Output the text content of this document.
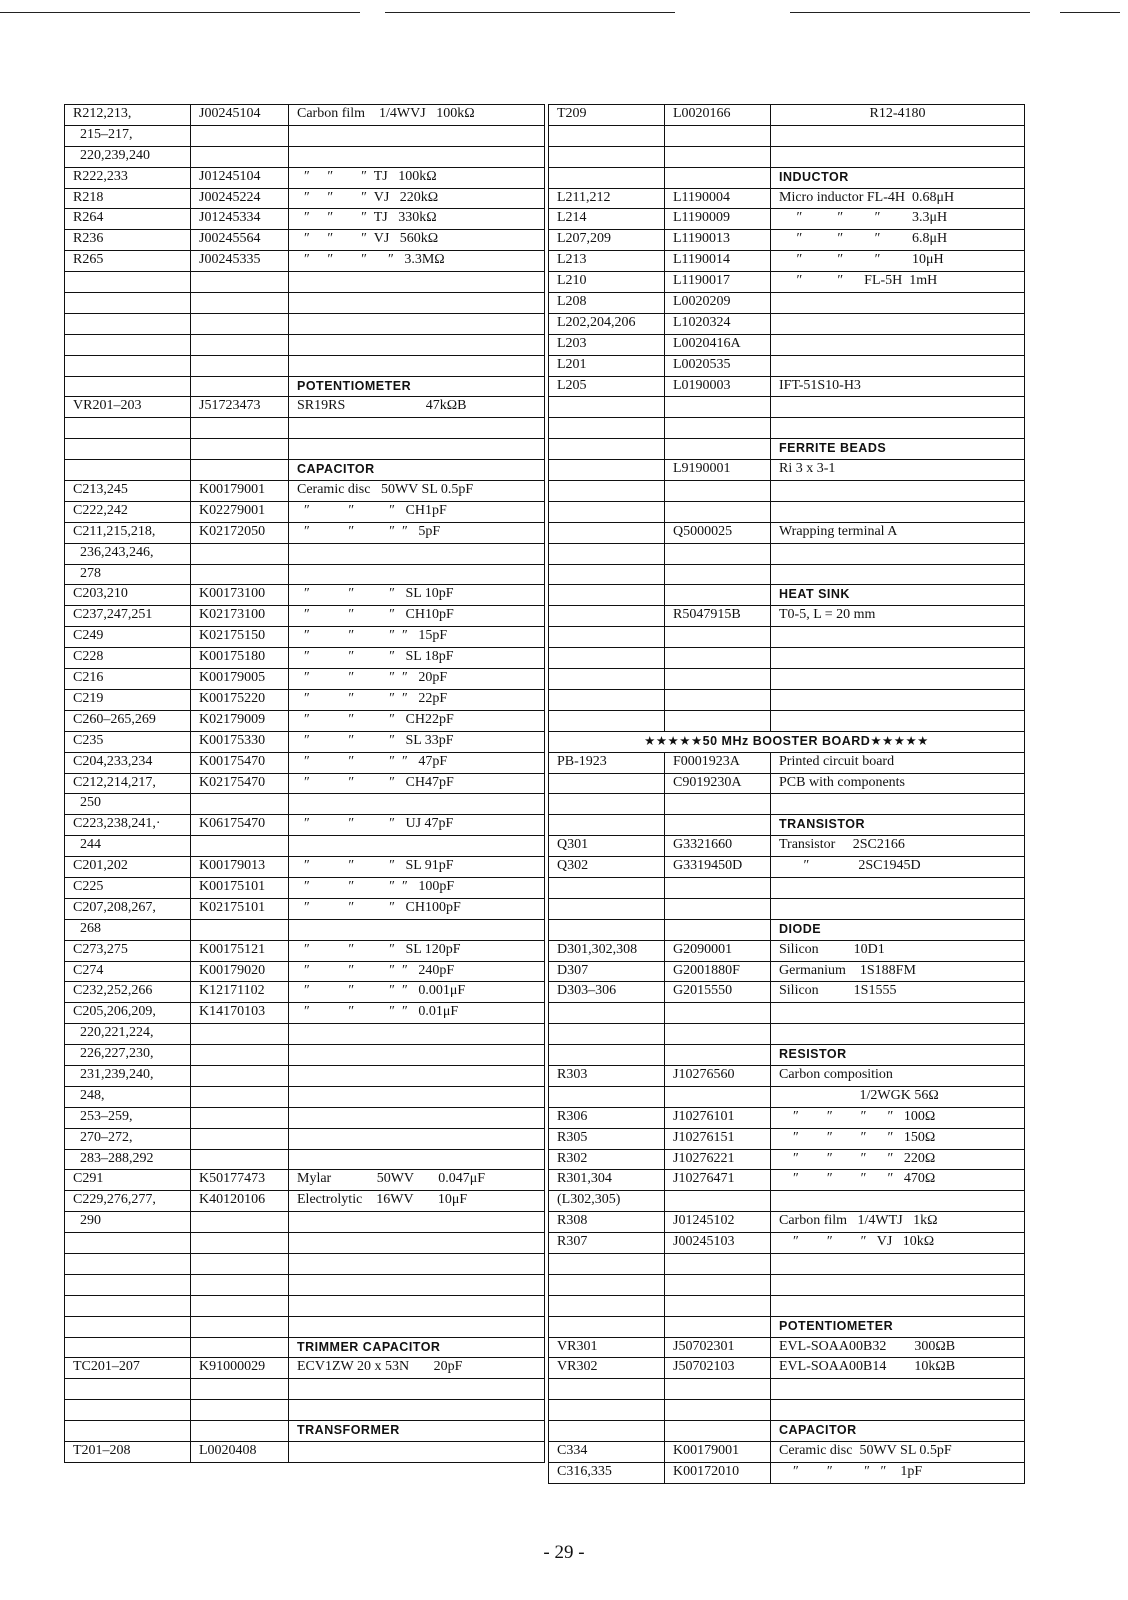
R212,213,	J00245104	Carbon film    1/4WVJ   100kΩ
215–217,		
220,239,240		
R222,233	J01245104	″     ″        ″  TJ   100kΩ
R218	J00245224	″     ″        ″  VJ   220kΩ
R264	J01245334	″     ″        ″  TJ   330kΩ
R236	J00245564	″     ″        ″  VJ   560kΩ
R265	J00245335	″     ″        ″      ″   3.3MΩ

		POTENTIOMETER
VR201–203	J51723473	SR19RS                       47kΩB

		CAPACITOR
C213,245	K00179001	Ceramic disc   50WV SL 0.5pF
C222,242	K02279001	″           ″          ″   CH1pF
C211,215,218,	K02172050	″           ″          ″  ″   5pF
236,243,246,		
278		
C203,210	K00173100	″           ″          ″   SL 10pF
C237,247,251	K02173100	″           ″          ″   CH10pF
C249	K02175150	″           ″          ″  ″   15pF
C228	K00175180	″           ″          ″   SL 18pF
C216	K00179005	″           ″          ″  ″   20pF
C219	K00175220	″           ″          ″  ″   22pF
C260–265,269	K02179009	″           ″          ″   CH22pF
C235	K00175330	″           ″          ″   SL 33pF
C204,233,234	K00175470	″           ″          ″  ″   47pF
C212,214,217,	K02175470	″           ″          ″   CH47pF
250		
C223,238,241,·	K06175470	″           ″          ″   UJ 47pF
244		
C201,202	K00179013	″           ″          ″   SL 91pF
C225	K00175101	″           ″          ″  ″   100pF
C207,208,267,	K02175101	″           ″          ″   CH100pF
268		
C273,275	K00175121	″           ″          ″   SL 120pF
C274	K00179020	″           ″          ″  ″   240pF
C232,252,266	K12171102	″           ″          ″  ″   0.001μF
C205,206,209,	K14170103	″           ″          ″  ″   0.01μF
220,221,224,		
226,227,230,		
231,239,240,		
248,		
253–259,		
270–272,		
283–288,292		
C291	K50177473	Mylar             50WV       0.047μF
C229,276,277,	K40120106	Electrolytic    16WV       10μF
290		

		TRIMMER CAPACITOR
TC201–207	K91000029	ECV1ZW 20 x 53N       20pF

		TRANSFORMER
T201–208	L0020408	
T209	L0020166	R12-4180

		INDUCTOR
L211,212	L1190004	Micro inductor FL-4H  0.68μH
L214	L1190009	″          ″         ″         3.3μH
L207,209	L1190013	″          ″         ″         6.8μH
L213	L1190014	″          ″         ″         10μH
L210	L1190017	″          ″      FL-5H  1mH
L208	L0020209	
L202,204,206	L1020324	
L203	L0020416A	
L201	L0020535	
L205	L0190003	IFT-51S10-H3

		FERRITE BEADS
	L9190001	Ri 3 x 3-1

	Q5000025	Wrapping terminal A

		HEAT SINK
	R5047915B	T0-5, L = 20 mm

★★★★★50 MHz BOOSTER BOARD★★★★★		
PB-1923	F0001923A	Printed circuit board
	C9019230A	PCB with components

		TRANSISTOR
Q301	G3321660	Transistor     2SC2166
Q302	G3319450D	″              2SC1945D

		DIODE
D301,302,308	G2090001	Silicon          10D1
D307	G2001880F	Germanium    1S188FM
D303–306	G2015550	Silicon          1S1555

		RESISTOR
R303	J10276560	Carbon composition
		1/2WGK 56Ω
R306	J10276101	″        ″        ″      ″   100Ω
R305	J10276151	″        ″        ″      ″   150Ω
R302	J10276221	″        ″        ″      ″   220Ω
R301,304	J10276471	″        ″        ″      ″   470Ω
(L302,305)		
R308	J01245102	Carbon film   1/4WTJ   1kΩ
R307	J00245103	″        ″        ″   VJ   10kΩ

		POTENTIOMETER
VR301	J50702301	EVL-SOAA00B32        300ΩB
VR302	J50702103	EVL-SOAA00B14        10kΩB

		CAPACITOR
C334	K00179001	Ceramic disc  50WV SL 0.5pF
C316,335	K00172010	″        ″         ″   ″    1pF
- 29 -
